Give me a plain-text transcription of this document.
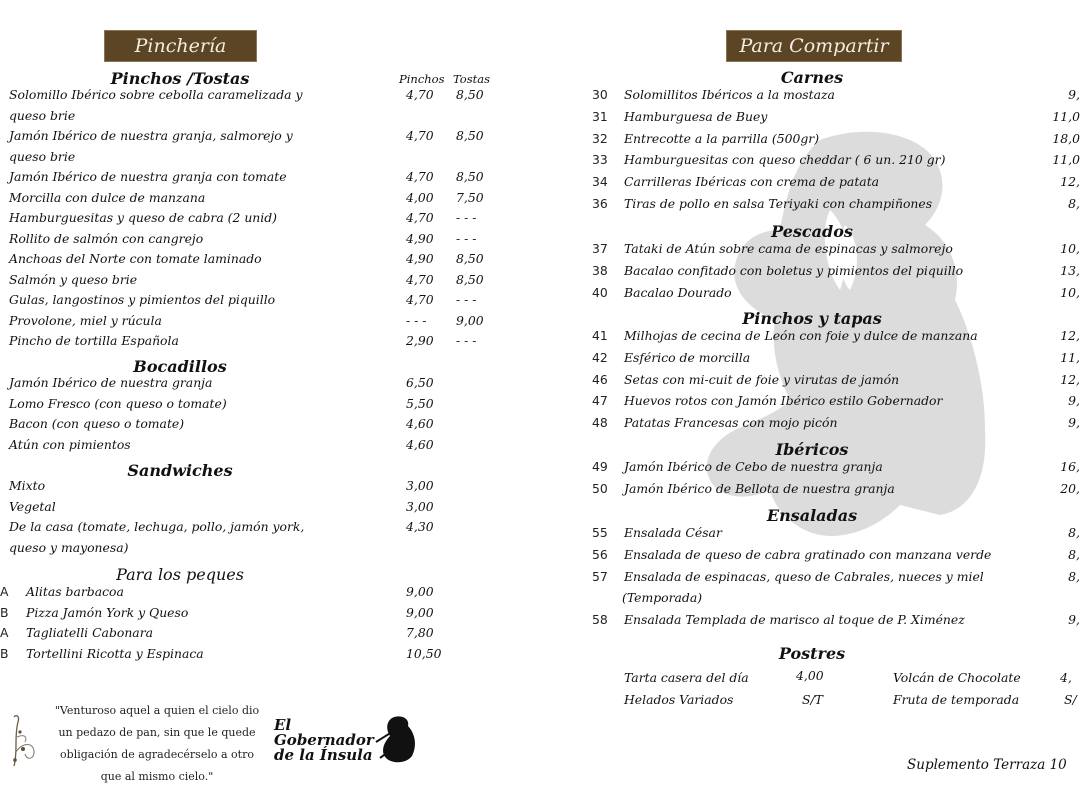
Pinchería
Pinchos /Tostas	Pinchos Tostas
Solomillo Ibérico sobre cebolla caramelizada y	4,70 8,50
queso brie
Jamón Ibérico de nuestra granja, salmorejo y	4,70 8,50
queso brie
Jamón Ibérico de nuestra granja con tomate	4,70 8,50
Morcilla con dulce de manzana	4,00 7,50
Hamburguesitas y queso de cabra (2 unid)	4,70 - - -
Rollito de salmón con cangrejo	4,90 - - -
Anchoas del Norte con tomate laminado	4,90 8,50
Salmón y queso brie	4,70 8,50
Gulas, langostinos y pimientos del piquillo	4,70 - - -
Provolone, miel y rúcula	- - - 9,00
Pincho de tortilla Española	2,90 - - -
Bocadillos
Jamón Ibérico de nuestra granja	6,50
Lomo Fresco (con queso o tomate)	5,50
Bacon (con queso o tomate)	4,60
Atún con pimientos	4,60
Sandwiches
Mixto	3,00
Vegetal	3,00
De la casa (tomate, lechuga, pollo, jamón york,	4,30
queso y mayonesa)
Para los peques
A Alitas barbacoa	9,00
B Pizza Jamón York y Queso	9,00
A Tagliatelli Cabonara	7,80
B Tortellini Ricotta y Espinaca	10,50
"Venturoso aquel a quien el cielo dio
un pedazo de pan, sin que le quede
obligación de agradecérselo a otro
que al mismo cielo."
El Gobernador de la Ínsula
Para Compartir
Carnes
30 Solomillitos Ibéricos a la mostaza	9,
31 Hamburguesa de Buey	11,0
32 Entrecotte a la parrilla (500gr)	18,0
33 Hamburguesitas con queso cheddar ( 6 un. 210 gr)	11,0
34 Carrilleras Ibéricas con crema de patata	12,
36 Tiras de pollo en salsa Teriyaki con champiñones	8,
Pescados
37 Tataki de Atún sobre cama de espinacas y salmorejo	10,
38 Bacalao confitado con boletus y pimientos del piquillo	13,
40 Bacalao Dourado	10,
Pinchos y tapas
41 Milhojas de cecina de León con foie y dulce de manzana	12,
42 Esférico de morcilla	11,
46 Setas con mi-cuit de foie y virutas de jamón	12,
47 Huevos rotos con Jamón Ibérico estilo Gobernador	9,
48 Patatas Francesas con mojo picón	9,
Ibéricos
49 Jamón Ibérico de Cebo de nuestra granja	16,
50 Jamón Ibérico de Bellota de nuestra granja	20,
Ensaladas
55 Ensalada César	8,
56 Ensalada de queso de cabra gratinado con manzana verde	8,
57 Ensalada de espinacas, queso de Cabrales, nueces y miel	8,
(Temporada)
58 Ensalada Templada de marisco al toque de P. Ximénez	9,
Postres
Tarta casera del día	4,00
Helados Variados	S/T
Volcán de Chocolate	4,
Fruta de temporada	S/
Suplemento Terraza 10
